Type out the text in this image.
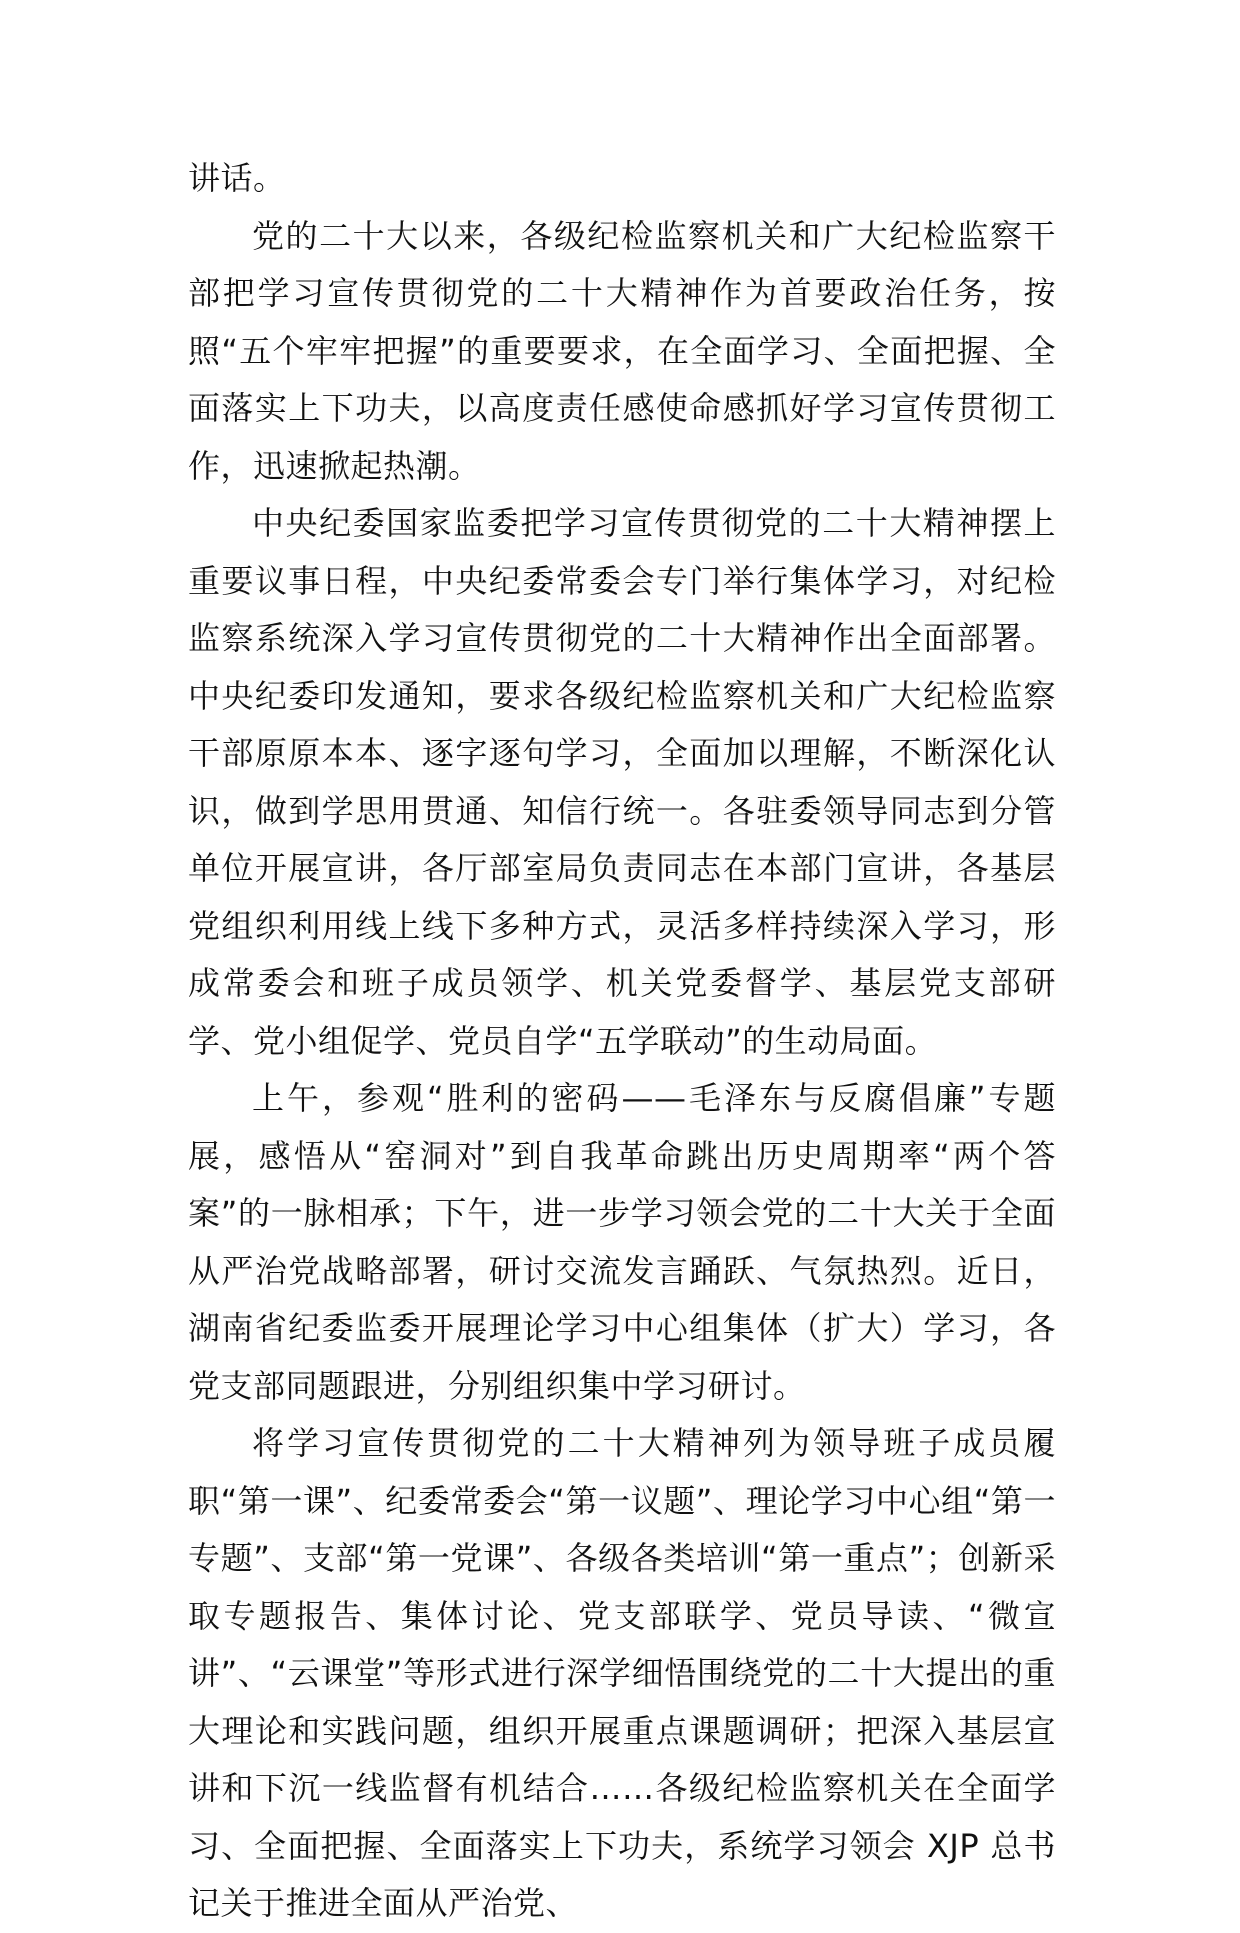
讲话。

党的二十大以来，各级纪检监察机关和广大纪检监察干部把学习宣传贯彻党的二十大精神作为首要政治任务，按照“五个牢牢把握”的重要要求，在全面学习、全面把握、全面落实上下功夫，以高度责任感使命感抓好学习宣传贯彻工作，迅速掀起热潮。

中央纪委国家监委把学习宣传贯彻党的二十大精神摆上重要议事日程，中央纪委常委会专门举行集体学习，对纪检监察系统深入学习宣传贯彻党的二十大精神作出全面部署。中央纪委印发通知，要求各级纪检监察机关和广大纪检监察干部原原本本、逐字逐句学习，全面加以理解，不断深化认识，做到学思用贯通、知信行统一。各驻委领导同志到分管单位开展宣讲，各厅部室局负责同志在本部门宣讲，各基层党组织利用线上线下多种方式，灵活多样持续深入学习，形成常委会和班子成员领学、机关党委督学、基层党支部研学、党小组促学、党员自学“五学联动”的生动局面。

上午，参观“胜利的密码——毛泽东与反腐倡廉”专题展，感悟从“窑洞对”到自我革命跳出历史周期率“两个答案”的一脉相承；下午，进一步学习领会党的二十大关于全面从严治党战略部署，研讨交流发言踊跃、气氛热烈。近日，湖南省纪委监委开展理论学习中心组集体（扩大）学习，各党支部同题跟进，分别组织集中学习研讨。

将学习宣传贯彻党的二十大精神列为领导班子成员履职“第一课”、纪委常委会“第一议题”、理论学习中心组“第一专题”、支部“第一党课”、各级各类培训“第一重点”；创新采取专题报告、集体讨论、党支部联学、党员导读、“微宣讲”、“云课堂”等形式进行深学细悟围绕党的二十大提出的重大理论和实践问题，组织开展重点课题调研；把深入基层宣讲和下沉一线监督有机结合……各级纪检监察机关在全面学习、全面把握、全面落实上下功夫，系统学习领会 XJP 总书记关于推进全面从严治党、
